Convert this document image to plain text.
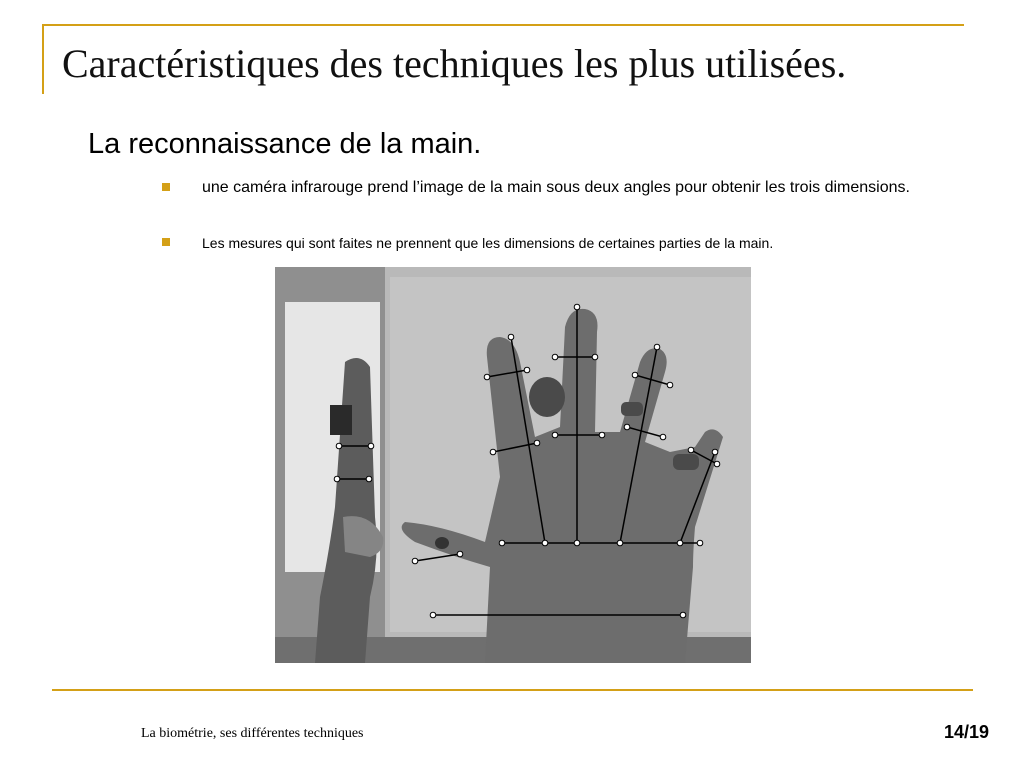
Caractéristiques des techniques les plus utilisées.
La reconnaissance de la main.
une caméra infrarouge prend l’image de la main sous deux angles pour obtenir les trois dimensions.
Les mesures qui sont faites ne prennent que les dimensions de certaines parties de la main.
La biométrie, ses différentes techniques	14/19
